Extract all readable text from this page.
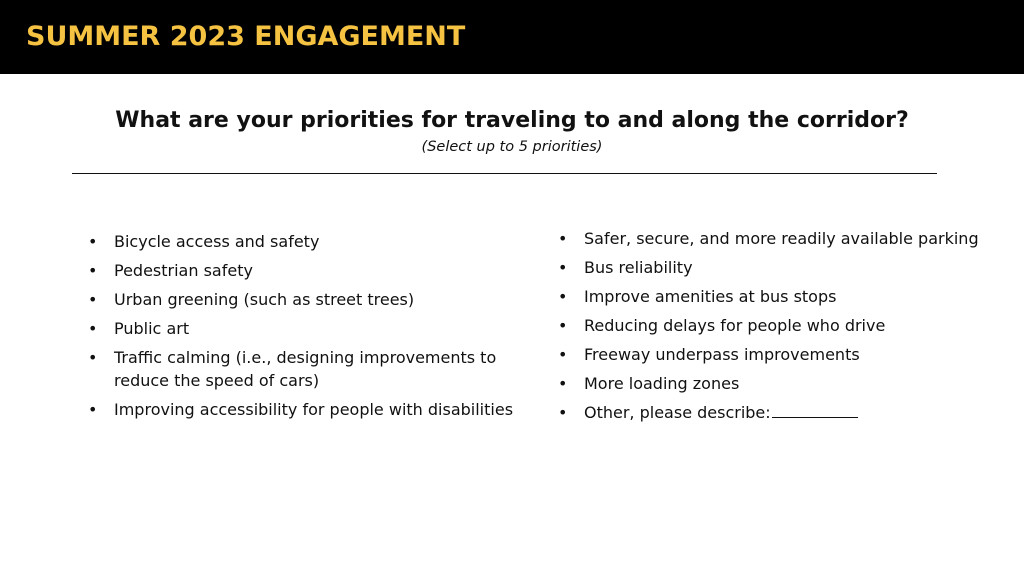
SUMMER 2023 ENGAGEMENT
What are your priorities for traveling to and along the corridor?
(Select up to 5 priorities)
• Bicycle access and safety
• Pedestrian safety
• Urban greening (such as street trees)
• Public art
• Traffic calming (i.e., designing improvements to reduce the speed of cars)
• Improving accessibility for people with disabilities
• Safer, secure, and more readily available parking
• Bus reliability
• Improve amenities at bus stops
• Reducing delays for people who drive
• Freeway underpass improvements
• More loading zones
• Other, please describe:
